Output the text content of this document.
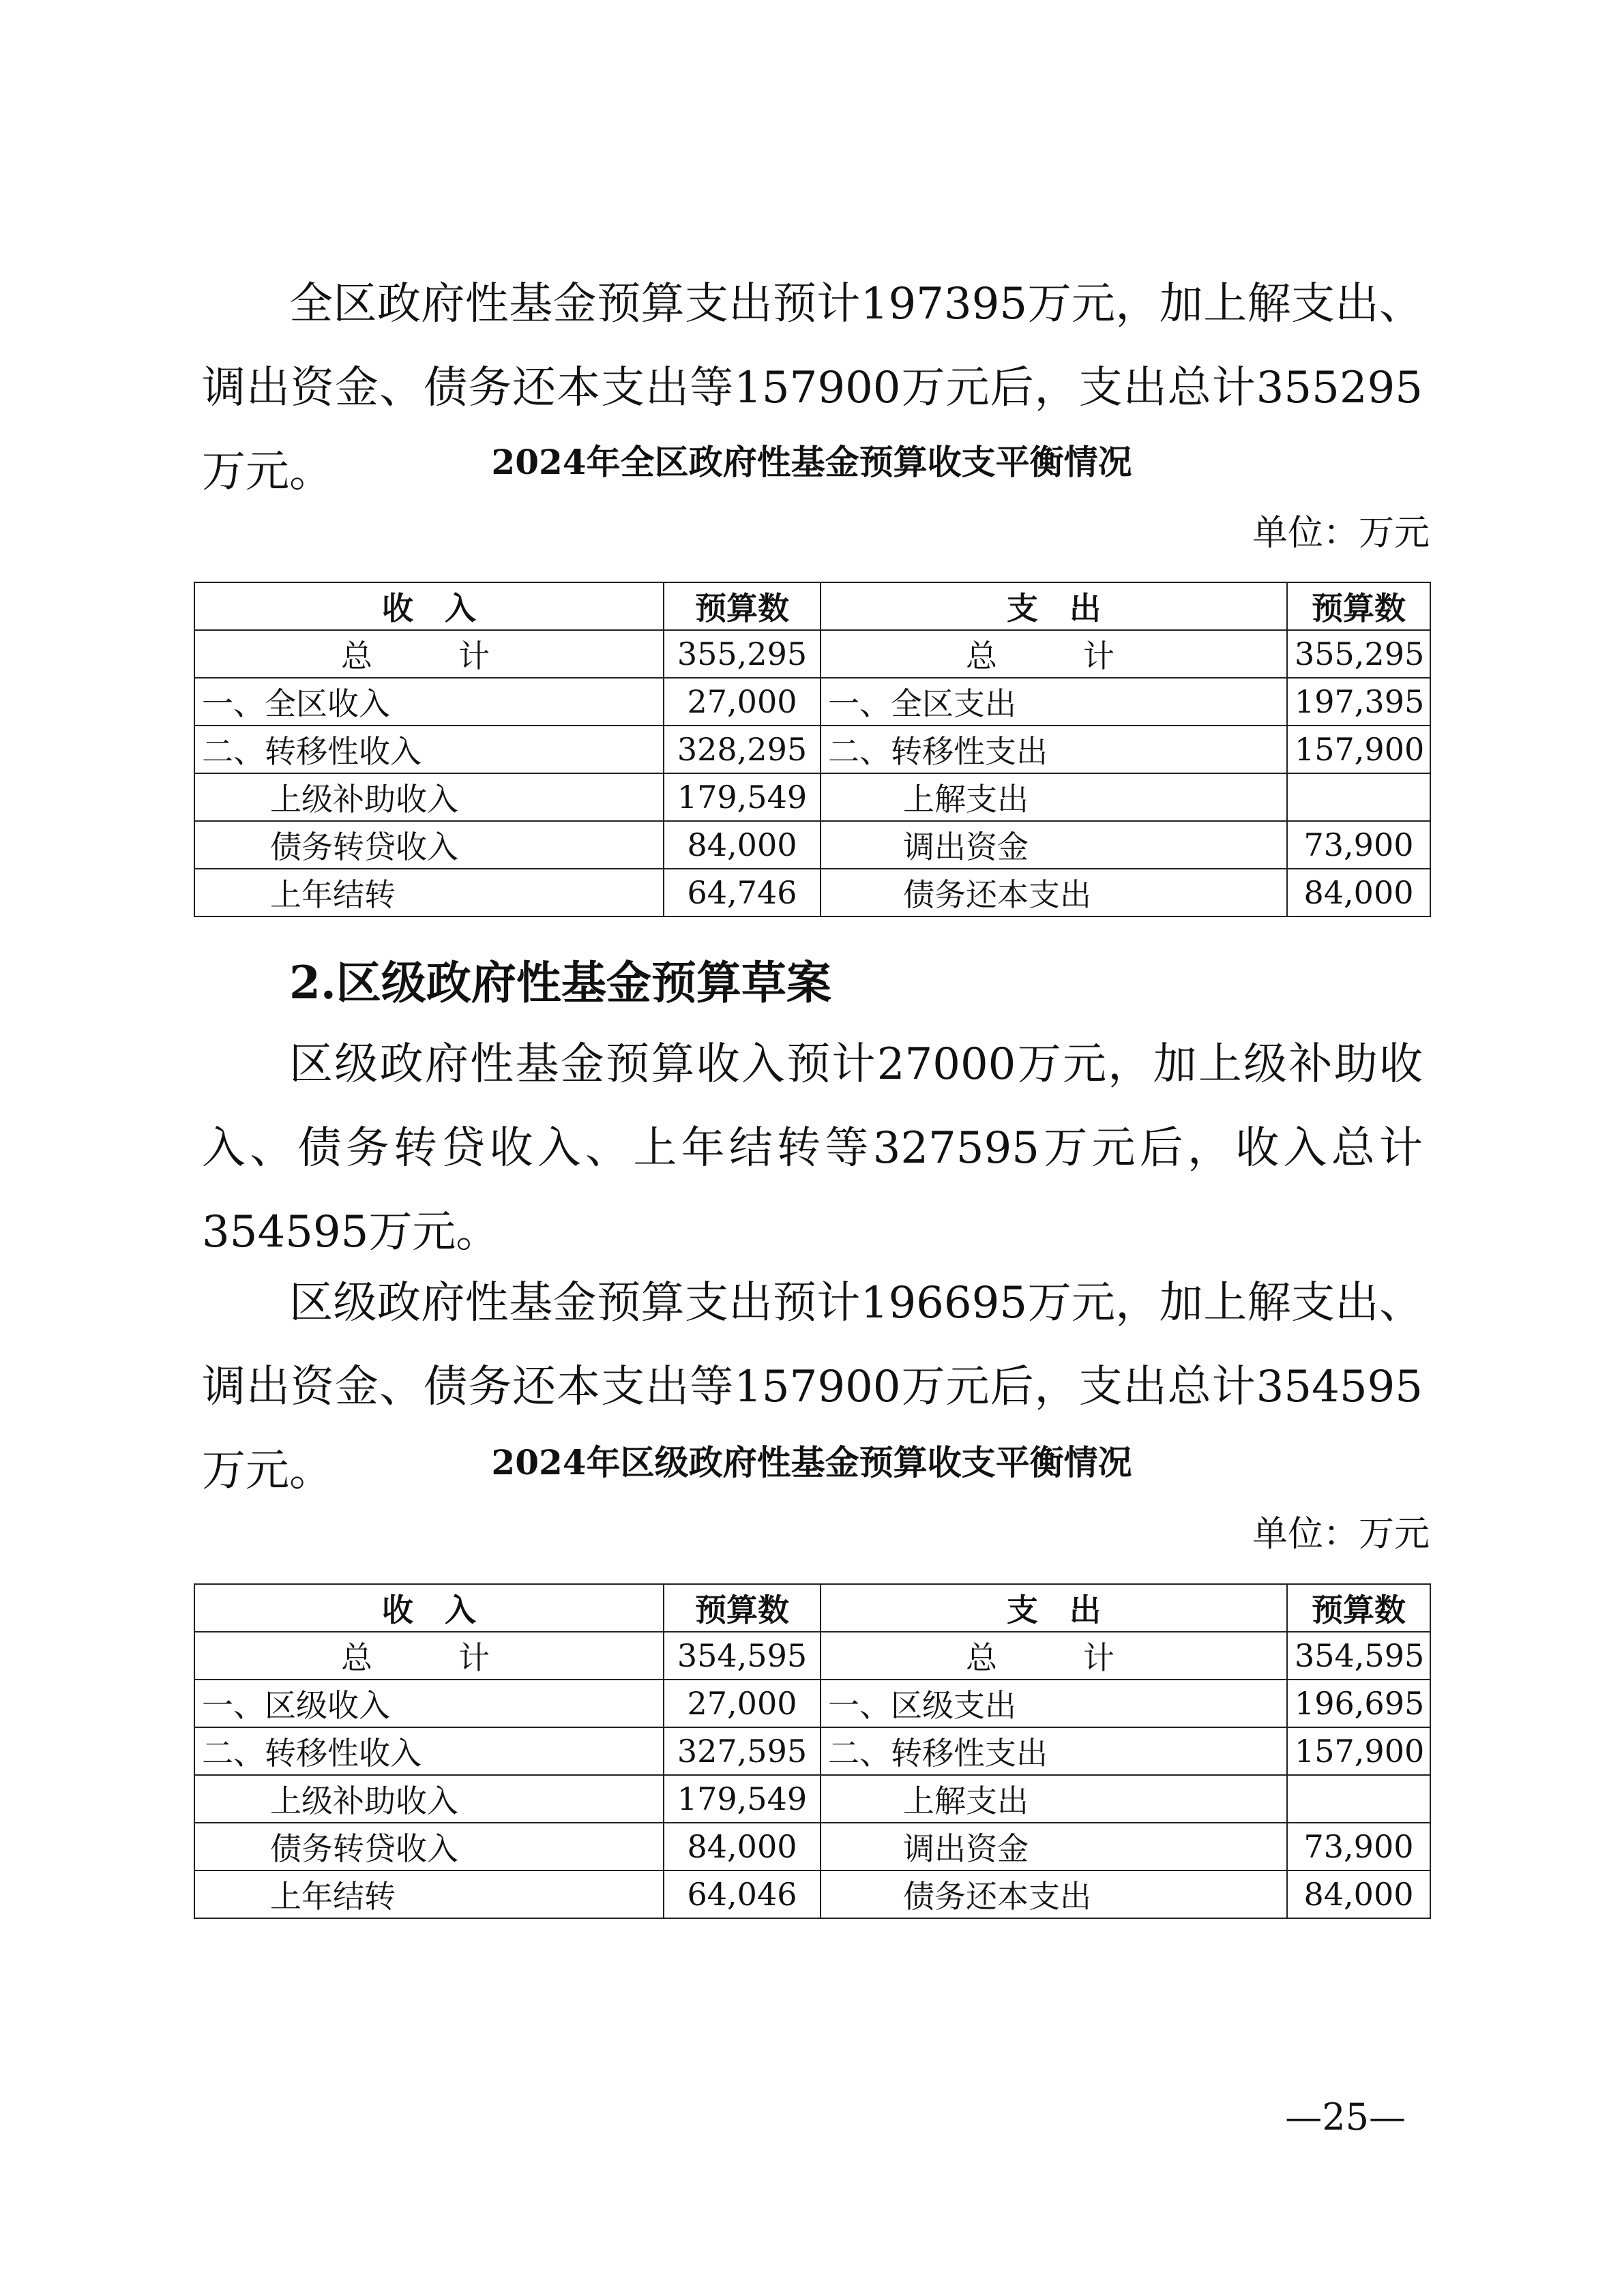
全区政府性基金预算支出预计197395万元，加上解支出、调出资金、债务还本支出等157900万元后，支出总计355295万元。	2024年全区政府性基金预算收支平衡情况

单位：万元

收　入	预算数	支　出	预算数
总　计	355,295	总　计	355,295
一、全区收入	27,000	一、全区支出	197,395
二、转移性收入	328,295	二、转移性支出	157,900
上级补助收入	179,549	上解支出	
债务转贷收入	84,000	调出资金	73,900
上年结转	64,746	债务还本支出	84,000

2.区级政府性基金预算草案

区级政府性基金预算收入预计27000万元，加上级补助收入、债务转贷收入、上年结转等327595万元后，收入总计354595万元。

区级政府性基金预算支出预计196695万元，加上解支出、调出资金、债务还本支出等157900万元后，支出总计354595万元。	2024年区级政府性基金预算收支平衡情况

单位：万元

收　入	预算数	支　出	预算数
总　计	354,595	总　计	354,595
一、区级收入	27,000	一、区级支出	196,695
二、转移性收入	327,595	二、转移性支出	157,900
上级补助收入	179,549	上解支出	
债务转贷收入	84,000	调出资金	73,900
上年结转	64,046	债务还本支出	84,000

—25—
